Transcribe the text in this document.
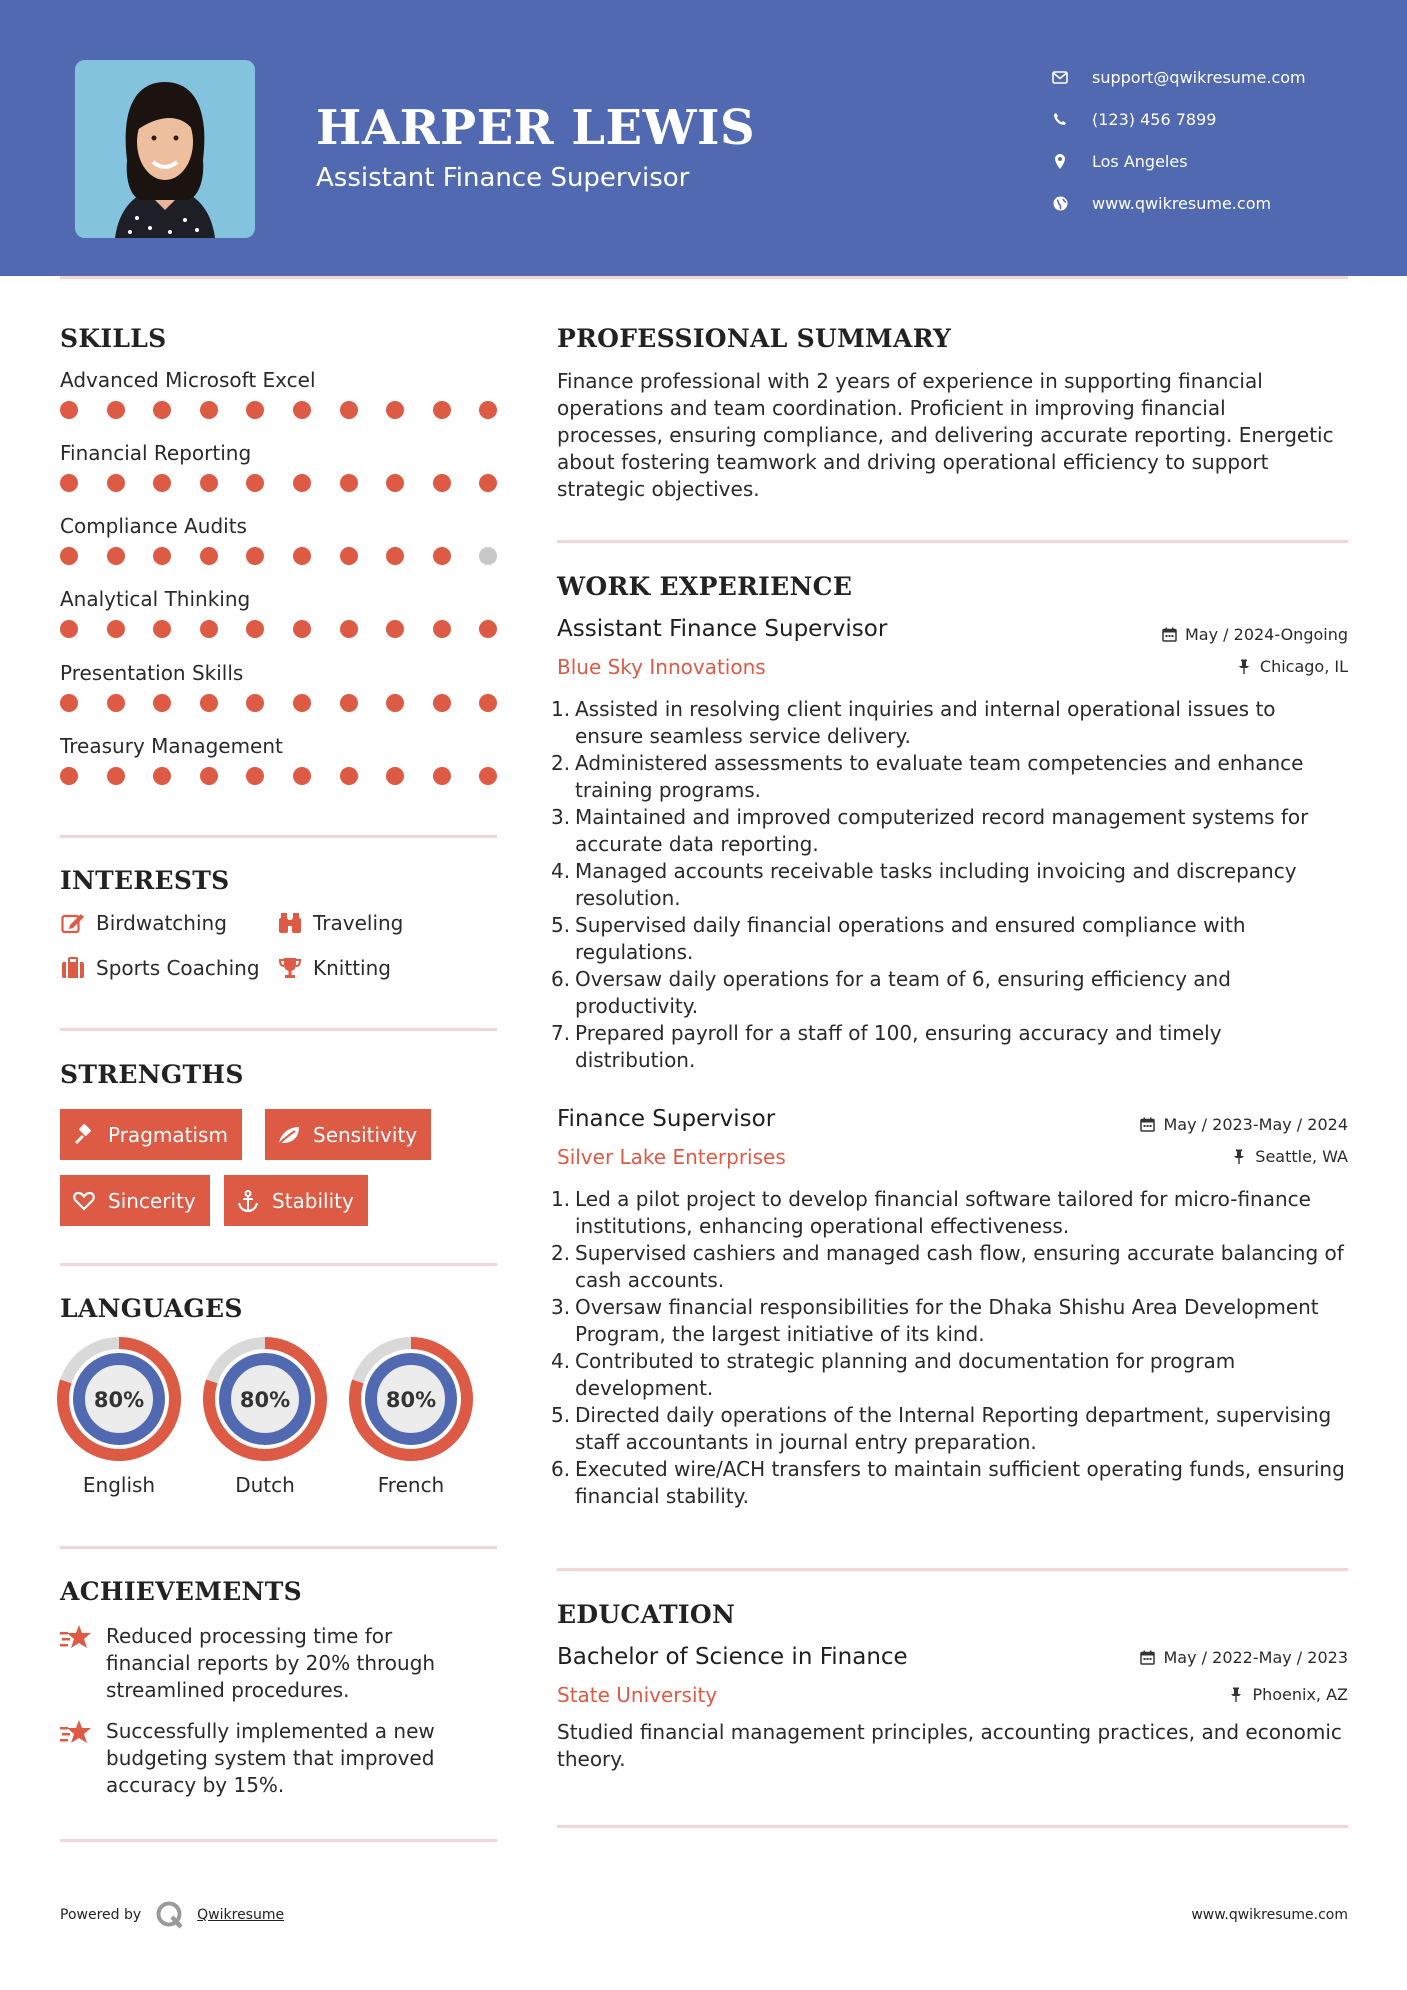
HARPER LEWIS
Assistant Finance Supervisor
support@qwikresume.com
(123) 456 7899
Los Angeles
www.qwikresume.com
SKILLS
Advanced Microsoft Excel
Financial Reporting
Compliance Audits
Analytical Thinking
Presentation Skills
Treasury Management
INTERESTS
Birdwatching	Traveling
Sports Coaching	Knitting
STRENGTHS
Pragmatism	Sensitivity
Sincerity	Stability
LANGUAGES
80%
English
80%
Dutch
80%
French
ACHIEVEMENTS
Reduced processing time for financial reports by 20% through streamlined procedures.
Successfully implemented a new budgeting system that improved accuracy by 15%.
PROFESSIONAL SUMMARY
Finance professional with 2 years of experience in supporting financial operations and team coordination. Proficient in improving financial processes, ensuring compliance, and delivering accurate reporting. Energetic about fostering teamwork and driving operational efficiency to support strategic objectives.
WORK EXPERIENCE
Assistant Finance Supervisor	May / 2024-Ongoing
Blue Sky Innovations	Chicago, IL
1. Assisted in resolving client inquiries and internal operational issues to ensure seamless service delivery.
2. Administered assessments to evaluate team competencies and enhance training programs.
3. Maintained and improved computerized record management systems for accurate data reporting.
4. Managed accounts receivable tasks including invoicing and discrepancy resolution.
5. Supervised daily financial operations and ensured compliance with regulations.
6. Oversaw daily operations for a team of 6, ensuring efficiency and productivity.
7. Prepared payroll for a staff of 100, ensuring accuracy and timely distribution.
Finance Supervisor	May / 2023-May / 2024
Silver Lake Enterprises	Seattle, WA
1. Led a pilot project to develop financial software tailored for micro-finance institutions, enhancing operational effectiveness.
2. Supervised cashiers and managed cash flow, ensuring accurate balancing of cash accounts.
3. Oversaw financial responsibilities for the Dhaka Shishu Area Development Program, the largest initiative of its kind.
4. Contributed to strategic planning and documentation for program development.
5. Directed daily operations of the Internal Reporting department, supervising staff accountants in journal entry preparation.
6. Executed wire/ACH transfers to maintain sufficient operating funds, ensuring financial stability.
EDUCATION
Bachelor of Science in Finance	May / 2022-May / 2023
State University	Phoenix, AZ
Studied financial management principles, accounting practices, and economic theory.
Powered by	Qwikresume	www.qwikresume.com
